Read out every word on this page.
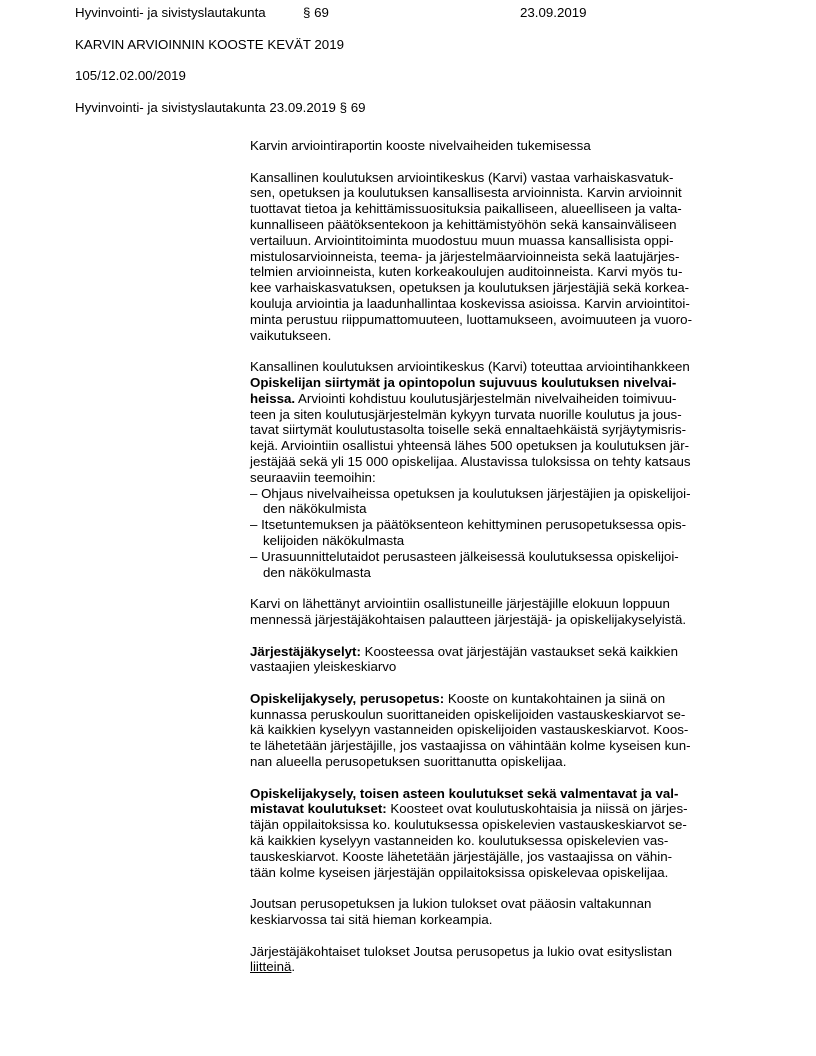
Hyvinvointi- ja sivistyslautakunta	§ 69	23.09.2019
KARVIN ARVIOINNIN KOOSTE KEVÄT 2019
105/12.02.00/2019
Hyvinvointi- ja sivistyslautakunta 23.09.2019 § 69
Karvin arviointiraportin kooste nivelvaiheiden tukemisessa
Kansallinen koulutuksen arviointikeskus (Karvi) vastaa varhaiskasvatuk-
sen, opetuksen ja koulutuksen kansallisesta arvioinnista. Karvin arvioinnit
tuottavat tietoa ja kehittämissuosituksia paikalliseen, alueelliseen ja valta-
kunnalliseen päätöksentekoon ja kehittämistyöhön sekä kansainväliseen
vertailuun. Arviointitoiminta muodostuu muun muassa kansallisista oppi-
mistulosarvioinneista, teema- ja järjestelmäarvioinneista sekä laatujärjes-
telmien arvioinneista, kuten korkeakoulujen auditoinneista. Karvi myös tu-
kee varhaiskasvatuksen, opetuksen ja koulutuksen järjestäjiä sekä korkea-
kouluja arviointia ja laadunhallintaa koskevissa asioissa. Karvin arviointitoi-
minta perustuu riippumattomuuteen, luottamukseen, avoimuuteen ja vuoro-
vaikutukseen.
Kansallinen koulutuksen arviointikeskus (Karvi) toteuttaa arviointihankkeen
Opiskelijan siirtymät ja opintopolun sujuvuus koulutuksen nivelvai-
heissa. Arviointi kohdistuu koulutusjärjestelmän nivelvaiheiden toimivuu-
teen ja siten koulutusjärjestelmän kykyyn turvata nuorille koulutus ja jous-
tavat siirtymät koulutustasolta toiselle sekä ennaltaehkäistä syrjäytymisris-
kejä. Arviointiin osallistui yhteensä lähes 500 opetuksen ja koulutuksen jär-
jestäjää sekä yli 15 000 opiskelijaa. Alustavissa tuloksissa on tehty katsaus
seuraaviin teemoihin:
– Ohjaus nivelvaiheissa opetuksen ja koulutuksen järjestäjien ja opiskelijoi-
den näkökulmista
– Itsetuntemuksen ja päätöksenteon kehittyminen perusopetuksessa opis-
kelijoiden näkökulmasta
– Urasuunnittelutaidot perusasteen jälkeisessä koulutuksessa opiskelijoi-
den näkökulmasta
Karvi on lähettänyt arviointiin osallistuneille järjestäjille elokuun loppuun
mennessä järjestäjäkohtaisen palautteen järjestäjä- ja opiskelijakyselyistä.
Järjestäjäkyselyt: Koosteessa ovat järjestäjän vastaukset sekä kaikkien
vastaajien yleiskeskiarvo
Opiskelijakysely, perusopetus: Kooste on kuntakohtainen ja siinä on
kunnassa peruskoulun suorittaneiden opiskelijoiden vastauskeskiarvot se-
kä kaikkien kyselyyn vastanneiden opiskelijoiden vastauskeskiarvot. Koos-
te lähetetään järjestäjille, jos vastaajissa on vähintään kolme kyseisen kun-
nan alueella perusopetuksen suorittanutta opiskelijaa.
Opiskelijakysely, toisen asteen koulutukset sekä valmentavat ja val-
mistavat koulutukset: Koosteet ovat koulutuskohtaisia ja niissä on järjes-
täjän oppilaitoksissa ko. koulutuksessa opiskelevien vastauskeskiarvot se-
kä kaikkien kyselyyn vastanneiden ko. koulutuksessa opiskelevien vas-
tauskeskiarvot. Kooste lähetetään järjestäjälle, jos vastaajissa on vähin-
tään kolme kyseisen järjestäjän oppilaitoksissa opiskelevaa opiskelijaa.
Joutsan perusopetuksen ja lukion tulokset ovat pääosin valtakunnan
keskiarvossa tai sitä hieman korkeampia.
Järjestäjäkohtaiset tulokset Joutsa perusopetus ja lukio ovat esityslistan
liitteinä.
